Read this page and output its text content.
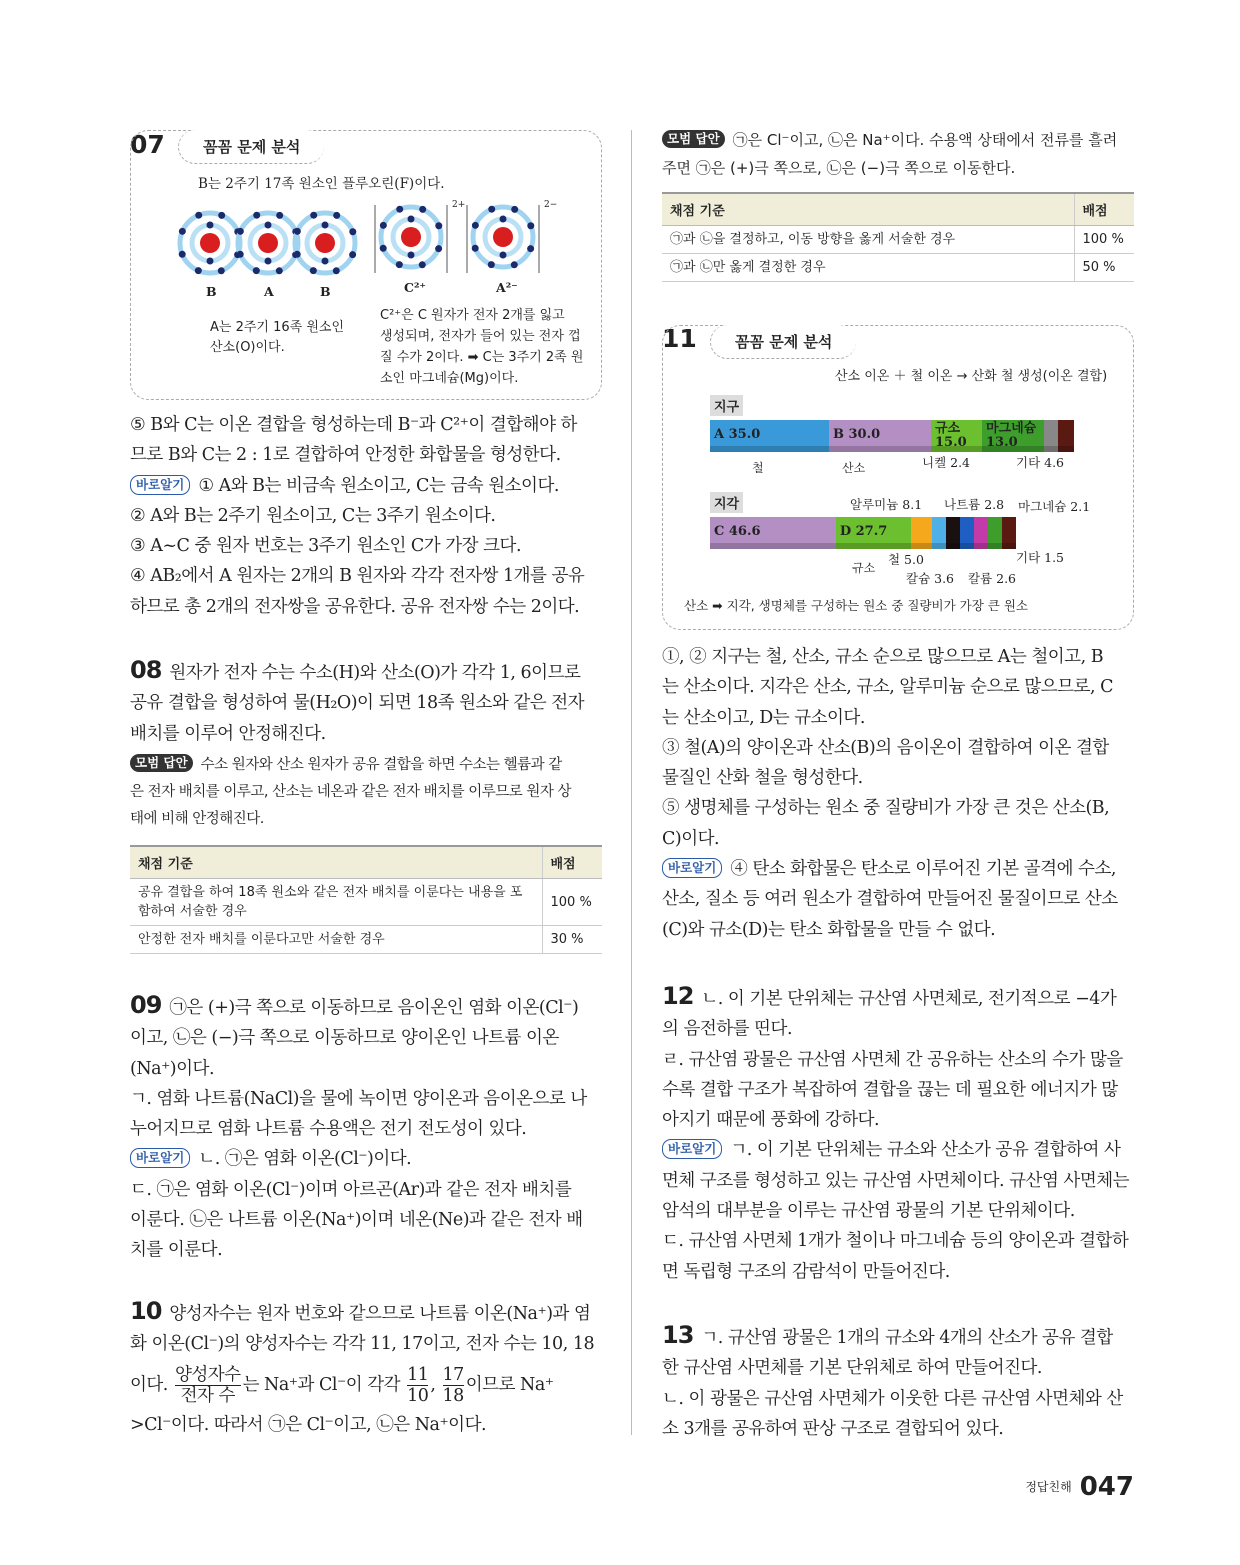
07	꼼꼼 문제 분석
B는 2주기 17족 원소인 플루오린(F)이다.
B	A	B	C²⁺	A²⁻
2+	2−
A는 2주기 16족 원소인
산소(O)이다.
C²⁺은 C 원자가 전자 2개를 잃고
생성되며, 전자가 들어 있는 전자 껍
질 수가 2이다. ➡ C는 3주기 2족 원
소인 마그네슘(Mg)이다.
⑤ B와 C는 이온 결합을 형성하는데 B⁻과 C²⁺이 결합해야 하
므로 B와 C는 2 : 1로 결합하여 안정한 화합물을 형성한다.
바로알기 ① A와 B는 비금속 원소이고, C는 금속 원소이다.
② A와 B는 2주기 원소이고, C는 3주기 원소이다.
③ A~C 중 원자 번호는 3주기 원소인 C가 가장 크다.
④ AB₂에서 A 원자는 2개의 B 원자와 각각 전자쌍 1개를 공유
하므로 총 2개의 전자쌍을 공유한다. 공유 전자쌍 수는 2이다.
08 원자가 전자 수는 수소(H)와 산소(O)가 각각 1, 6이므로
공유 결합을 형성하여 물(H₂O)이 되면 18족 원소와 같은 전자
배치를 이루어 안정해진다.
모범 답안 수소 원자와 산소 원자가 공유 결합을 하면 수소는 헬륨과 같
은 전자 배치를 이루고, 산소는 네온과 같은 전자 배치를 이루므로 원자 상
태에 비해 안정해진다.
채점 기준	배점
공유 결합을 하여 18족 원소와 같은 전자 배치를 이룬다는 내용을 포함하여 서술한 경우	100 %
안정한 전자 배치를 이룬다고만 서술한 경우	30 %
09 ㉠은 (+)극 쪽으로 이동하므로 음이온인 염화 이온(Cl⁻)
이고, ㉡은 (−)극 쪽으로 이동하므로 양이온인 나트륨 이온
(Na⁺)이다.
ㄱ. 염화 나트륨(NaCl)을 물에 녹이면 양이온과 음이온으로 나
누어지므로 염화 나트륨 수용액은 전기 전도성이 있다.
바로알기 ㄴ. ㉠은 염화 이온(Cl⁻)이다.
ㄷ. ㉠은 염화 이온(Cl⁻)이며 아르곤(Ar)과 같은 전자 배치를
이룬다. ㉡은 나트륨 이온(Na⁺)이며 네온(Ne)과 같은 전자 배
치를 이룬다.
10 양성자수는 원자 번호와 같으므로 나트륨 이온(Na⁺)과 염
화 이온(Cl⁻)의 양성자수는 각각 11, 17이고, 전자 수는 10, 18
이다. $\frac{\text{양성자수}}{\text{전자 수}}$ 는 Na⁺과 Cl⁻이 각각 $\frac{11}{10}$ , $\frac{17}{18}$ 이므로 Na⁺
>Cl⁻이다. 따라서 ㉠은 Cl⁻이고, ㉡은 Na⁺이다.
모범 답안 ㉠은 Cl⁻이고, ㉡은 Na⁺이다. 수용액 상태에서 전류를 흘려
주면 ㉠은 (+)극 쪽으로, ㉡은 (−)극 쪽으로 이동한다.
채점 기준	배점
㉠과 ㉡을 결정하고, 이동 방향을 옳게 서술한 경우	100 %
㉠과 ㉡만 옳게 결정한 경우	50 %
11	꼼꼼 문제 분석
산소 이온 ＋ 철 이온 → 산화 철 생성(이온 결합)
지구
A 35.0	B 30.0	규소
15.0
마그네슘
13.0
철	산소	니켈 2.4	기타 4.6
지각
C 46.6	D 27.7
알루미늄 8.1 나트륨 2.8 마그네슘 2.1
규소
철 5.0
칼슘 3.6 칼륨 2.6
기타 1.5
산소 ➡ 지각, 생명체를 구성하는 원소 중 질량비가 가장 큰 원소
①, ② 지구는 철, 산소, 규소 순으로 많으므로 A는 철이고, B
는 산소이다. 지각은 산소, 규소, 알루미늄 순으로 많으므로, C
는 산소이고, D는 규소이다.
③ 철(A)의 양이온과 산소(B)의 음이온이 결합하여 이온 결합
물질인 산화 철을 형성한다.
⑤ 생명체를 구성하는 원소 중 질량비가 가장 큰 것은 산소(B,
C)이다.
바로알기 ④ 탄소 화합물은 탄소로 이루어진 기본 골격에 수소,
산소, 질소 등 여러 원소가 결합하여 만들어진 물질이므로 산소
(C)와 규소(D)는 탄소 화합물을 만들 수 없다.
12 ㄴ. 이 기본 단위체는 규산염 사면체로, 전기적으로 −4가
의 음전하를 띤다.
ㄹ. 규산염 광물은 규산염 사면체 간 공유하는 산소의 수가 많을
수록 결합 구조가 복잡하여 결합을 끊는 데 필요한 에너지가 많
아지기 때문에 풍화에 강하다.
바로알기 ㄱ. 이 기본 단위체는 규소와 산소가 공유 결합하여 사
면체 구조를 형성하고 있는 규산염 사면체이다. 규산염 사면체는
암석의 대부분을 이루는 규산염 광물의 기본 단위체이다.
ㄷ. 규산염 사면체 1개가 철이나 마그네슘 등의 양이온과 결합하
면 독립형 구조의 감람석이 만들어진다.
13 ㄱ. 규산염 광물은 1개의 규소와 4개의 산소가 공유 결합
한 규산염 사면체를 기본 단위체로 하여 만들어진다.
ㄴ. 이 광물은 규산염 사면체가 이웃한 다른 규산염 사면체와 산
소 3개를 공유하여 판상 구조로 결합되어 있다.
$^{정답친해}$ 047
